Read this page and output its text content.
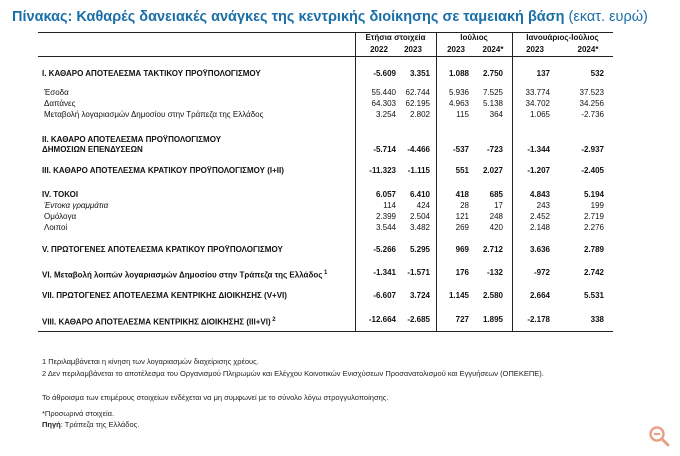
Πίνακας: Καθαρές δανειακές ανάγκες της κεντρικής διοίκησης σε ταμειακή βάση (εκατ. ευρώ)
Ετήσια στοιχεία	Ιούλιος	Ιανουάριος-Ιούλιος
2022	2023	2023	2024*	2023	2024*
I. ΚΑΘΑΡΟ ΑΠΟΤΕΛΕΣΜΑ ΤΑΚΤΙΚΟΥ ΠΡΟΫΠΟΛΟΓΙΣΜΟΥ	-5.609	3.351	1.088	2.750	137	532
Έσοδα	55.440	62.744	5.936	7.525	33.774	37.523
Δαπάνες	64.303	62.195	4.963	5.138	34.702	34.256
Μεταβολή λογαριασμών Δημοσίου στην Τράπεζα της Ελλάδος	3.254	2.802	115	364	1.065	-2.736
II. ΚΑΘΑΡΟ ΑΠΟΤΕΛΕΣΜΑ ΠΡΟΫΠΟΛΟΓΙΣΜΟΥ
ΔΗΜΟΣΙΩΝ ΕΠΕΝΔΥΣΕΩΝ	-5.714	-4.466	-537	-723	-1.344	-2.937
III. ΚΑΘΑΡΟ ΑΠΟΤΕΛΕΣΜΑ ΚΡΑΤΙΚΟΥ ΠΡΟΫΠΟΛΟΓΙΣΜΟΥ (I+II)	-11.323	-1.115	551	2.027	-1.207	-2.405
IV. ΤΟΚΟΙ	6.057	6.410	418	685	4.843	5.194
Έντοκα γραμμάτια	114	424	28	17	243	199
Ομόλογα	2.399	2.504	121	248	2.452	2.719
Λοιποί	3.544	3.482	269	420	2.148	2.276
V. ΠΡΩΤΟΓΕΝΕΣ ΑΠΟΤΕΛΕΣΜΑ ΚΡΑΤΙΚΟΥ ΠΡΟΫΠΟΛΟΓΙΣΜΟΥ	-5.266	5.295	969	2.712	3.636	2.789
VI. Μεταβολή λοιπών λογαριασμών Δημοσίου στην Τράπεζα της Ελλάδος $^1$	-1.341	-1.571	176	-132	-972	2.742
VII. ΠΡΩΤΟΓΕΝΕΣ ΑΠΟΤΕΛΕΣΜΑ ΚΕΝΤΡΙΚΗΣ ΔΙΟΙΚΗΣΗΣ (V+VI)	-6.607	3.724	1.145	2.580	2.664	5.531
VIII. ΚΑΘΑΡΟ ΑΠΟΤΕΛΕΣΜΑ ΚΕΝΤΡΙΚΗΣ ΔΙΟΙΚΗΣΗΣ (III+VI) $^2$	-12.664	-2.685	727	1.895	-2.178	338
1 Περιλαμβάνεται η κίνηση των λογαριασμών διαχείρισης χρέους.
2 Δεν περιλαμβάνεται το αποτέλεσμα του Οργανισμού Πληρωμών και Ελέγχου Κοινοτικών Ενισχύσεων Προσανατολισμού και Εγγυήσεων (ΟΠΕΚΕΠΕ).
Το άθροισμα των επιμέρους στοιχείων ενδέχεται να μη συμφωνεί με το σύνολο λόγω στρογγυλοποίησης.
*Προσωρινά στοιχεία.
Πηγή: Τράπεζα της Ελλάδος.
